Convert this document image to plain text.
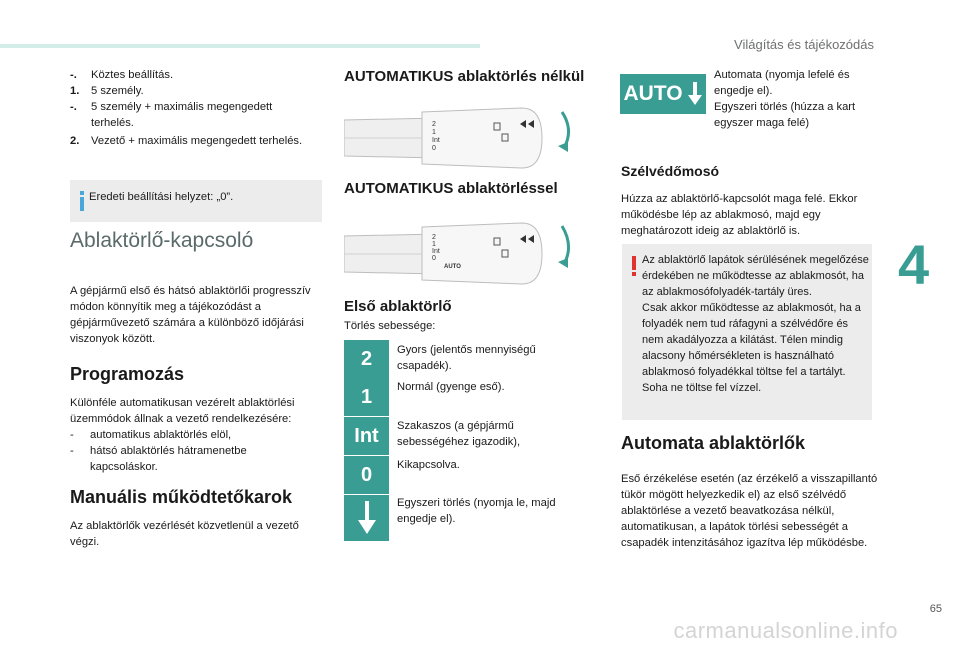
Világítás és tájékozódás
-.	Köztes beállítás.
1.	5 személy.
-.	5 személy + maximális megengedett terhelés.
2.	Vezető + maximális megengedett terhelés.
Eredeti beállítási helyzet: „0”.
Ablaktörlő-kapcsoló
A gépjármű első és hátsó ablaktörlői progresszív módon könnyítik meg a tájékozódást a gépjárművezető számára a különböző időjárási viszonyok között.
Programozás
Különféle automatikusan vezérelt ablaktörlési üzemmódok állnak a vezető rendelkezésére:
-	automatikus ablaktörlés elöl,
-	hátsó ablaktörlés hátramenetbe kapcsoláskor.
Manuális működtetőkarok
Az ablaktörlők vezérlését közvetlenül a vezető végzi.
AUTOMATIKUS ablaktörlés nélkül
2
1
Int
0
AUTOMATIKUS ablaktörléssel
2
1
Int
0
AUTO
Első ablaktörlő
Törlés sebessége:
2	Gyors (jelentős mennyiségű csapadék).
1	Normál (gyenge eső).
Int	Szakaszos (a gépjármű sebességéhez igazodik),
0	Kikapcsolva.
Egyszeri törlés (nyomja le, majd engedje el).
AUTO
Automata (nyomja lefelé és engedje el).
Egyszeri törlés (húzza a kart egyszer maga felé)
Szélvédőmosó
Húzza az ablaktörlő-kapcsolót maga felé. Ekkor működésbe lép az ablakmosó, majd egy meghatározott ideig az ablaktörlő is.
Az ablaktörlő lapátok sérülésének megelőzése érdekében ne működtesse az ablakmosót, ha az ablakmosófolyadék-tartály üres.
Csak akkor működtesse az ablakmosót, ha a folyadék nem tud ráfagyni a szélvédőre és nem akadályozza a kilátást. Télen mindig alacsony hőmérsékleten is használható ablakmosó folyadékkal töltse fel a tartályt. Soha ne töltse fel vízzel.
Automata ablaktörlők
Eső érzékelése esetén (az érzékelő a visszapillantó tükör mögött helyezkedik el) az első szélvédő ablaktörlése a vezető beavatkozása nélkül, automatikusan, a lapátok törlési sebességét a csapadék intenzitásához igazítva lép működésbe.
4
65
carmanualsonline.info
